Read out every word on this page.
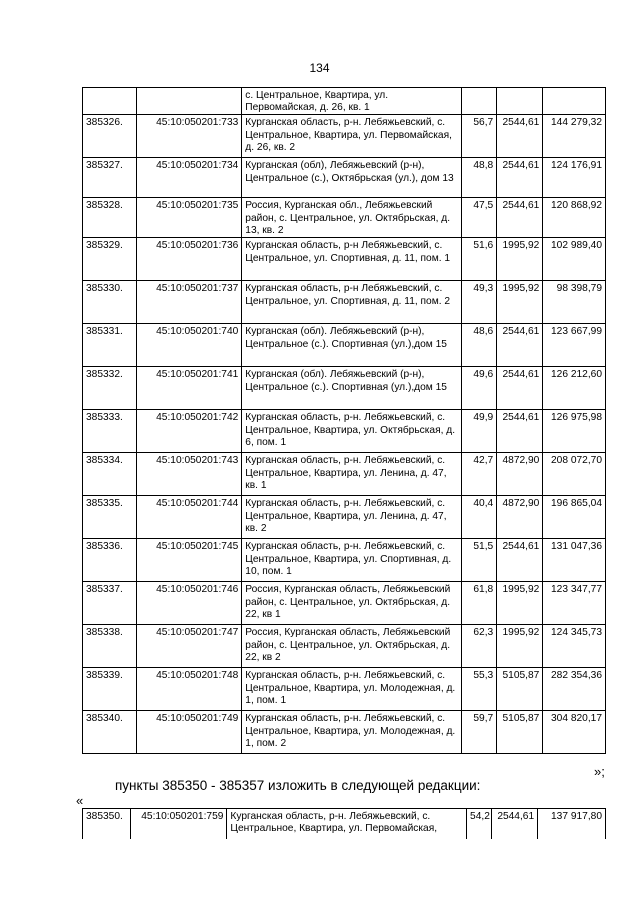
134
		с. Центральное, Квартира, ул. Первомайская, д. 26, кв. 1			
385326.	45:10:050201:733	Курганская область, р-н. Лебяжьевский, с. Центральное, Квартира, ул. Первомайская, д. 26, кв. 2	56,7	2544,61	144 279,32
385327.	45:10:050201:734	Курганская (обл), Лебяжьевский (р-н), Центральное (с.), Октябрьская (ул.), дом 13	48,8	2544,61	124 176,91
385328.	45:10:050201:735	Россия, Курганская обл., Лебяжьевский район, с. Центральное, ул. Октябрьская, д. 13, кв. 2	47,5	2544,61	120 868,92
385329.	45:10:050201:736	Курганская область, р-н Лебяжьевский, с. Центральное, ул. Спортивная, д. 11, пом. 1	51,6	1995,92	102 989,40
385330.	45:10:050201:737	Курганская область, р-н Лебяжьевский, с. Центральное, ул. Спортивная, д. 11, пом. 2	49,3	1995,92	98 398,79
385331.	45:10:050201:740	Курганская (обл). Лебяжьевский (р-н), Центральное (с.). Спортивная (ул.),дом 15	48,6	2544,61	123 667,99
385332.	45:10:050201:741	Курганская (обл). Лебяжьевский (р-н), Центральное (с.). Спортивная (ул.),дом 15	49,6	2544,61	126 212,60
385333.	45:10:050201:742	Курганская область, р-н. Лебяжьевский, с. Центральное, Квартира, ул. Октябрьская, д. 6, пом. 1	49,9	2544,61	126 975,98
385334.	45:10:050201:743	Курганская область, р-н. Лебяжьевский, с. Центральное, Квартира, ул. Ленина, д. 47, кв. 1	42,7	4872,90	208 072,70
385335.	45:10:050201:744	Курганская область, р-н. Лебяжьевский, с. Центральное, Квартира, ул. Ленина, д. 47, кв. 2	40,4	4872,90	196 865,04
385336.	45:10:050201:745	Курганская область, р-н. Лебяжьевский, с. Центральное, Квартира, ул. Спортивная, д. 10, пом. 1	51,5	2544,61	131 047,36
385337.	45:10:050201:746	Россия, Курганская область, Лебяжьевский район, с. Центральное, ул. Октябрьская, д. 22, кв 1	61,8	1995,92	123 347,77
385338.	45:10:050201:747	Россия, Курганская область, Лебяжьевский район, с. Центральное, ул. Октябрьская, д. 22, кв 2	62,3	1995,92	124 345,73
385339.	45:10:050201:748	Курганская область, р-н. Лебяжьевский, с. Центральное, Квартира, ул. Молодежная, д. 1, пом. 1	55,3	5105,87	282 354,36
385340.	45:10:050201:749	Курганская область, р-н. Лебяжьевский, с. Центральное, Квартира, ул. Молодежная, д. 1, пом. 2	59,7	5105,87	304 820,17
»;
пункты 385350 - 385357 изложить в следующей редакции:
«
385350.	45:10:050201:759	Курганская область, р-н. Лебяжьевский, с. Центральное, Квартира, ул. Первомайская,	54,2	2544,61	137 917,80
